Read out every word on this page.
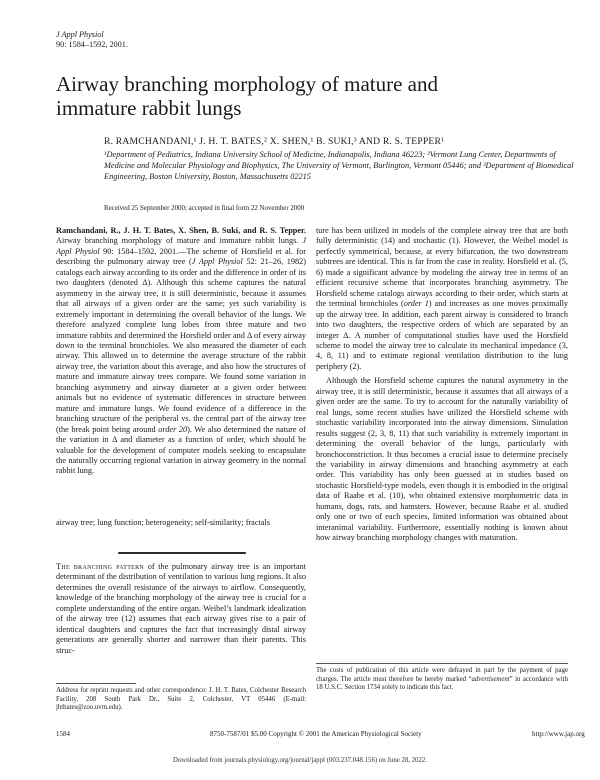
J Appl Physiol
90: 1584–1592, 2001.
Airway branching morphology of mature and immature rabbit lungs
R. RAMCHANDANI,¹ J. H. T. BATES,² X. SHEN,¹ B. SUKI,³ AND R. S. TEPPER¹
¹Department of Pediatrics, Indiana University School of Medicine, Indianapolis, Indiana 46223; ²Vermont Lung Center, Departments of Medicine and Molecular Physiology and Biophysics, The University of Vermont, Burlington, Vermont 05446; and ³Department of Biomedical Engineering, Boston University, Boston, Massachusetts 02215
Received 25 September 2000; accepted in final form 22 November 2000
Ramchandani, R., J. H. T. Bates, X. Shen, B. Suki, and R. S. Tepper. Airway branching morphology of mature and immature rabbit lungs. J Appl Physiol 90: 1584–1592, 2001.—The scheme of Horsfield et al. for describing the pulmonary airway tree (J Appl Physiol 52: 21–26, 1982) catalogs each airway according to its order and the difference in order of its two daughters (denoted Δ). Although this scheme captures the natural asymmetry in the airway tree, it is still deterministic, because it assumes that all airways of a given order are the same; yet such variability is extremely important in determining the overall behavior of the lungs. We therefore analyzed complete lung lobes from three mature and two immature rabbits and determined the Horsfield order and Δ of every airway down to the terminal bronchioles. We also measured the diameter of each airway. This allowed us to determine the average structure of the rabbit airway tree, the variation about this average, and also how the structures of mature and immature airway trees compare. We found some variation in branching asymmetry and airway diameter at a given order between animals but no evidence of systematic differences in structure between mature and immature lungs. We found evidence of a difference in the branching structure of the peripheral vs. the central part of the airway tree (the break point being around order 20). We also determined the nature of the variation in Δ and diameter as a function of order, which should be valuable for the development of computer models seeking to encapsulate the naturally occurring regional variation in airway geometry in the normal rabbit lung.
airway tree; lung function; heterogeneity; self-similarity; fractals
The branching pattern of the pulmonary airway tree is an important determinant of the distribution of ventilation to various lung regions. It also determines the overall resistance of the airways to airflow. Consequently, knowledge of the branching morphology of the airway tree is crucial for a complete understanding of the entire organ. Weibel’s landmark idealization of the airway tree (12) assumes that each airway gives rise to a pair of identical daughters and captures the fact that increasingly distal airway generations are generally shorter and narrower than their parents. This struc-

ture has been utilized in models of the complete airway tree that are both fully deterministic (14) and stochastic (1). However, the Weibel model is perfectly symmetrical, because, at every bifurcation, the two downstream subtrees are identical. This is far from the case in reality. Horsfield et al. (5, 6) made a significant advance by modeling the airway tree in terms of an efficient recursive scheme that incorporates branching asymmetry. The Horsfield scheme catalogs airways according to their order, which starts at the terminal bronchioles (order 1) and increases as one moves proximally up the airway tree. In addition, each parent airway is considered to branch into two daughters, the respective orders of which are separated by an integer Δ. A number of computational studies have used the Horsfield scheme to model the airway tree to calculate its mechanical impedance (3, 4, 8, 11) and to estimate regional ventilation distribution to the lung periphery (2).

Although the Horsfield scheme captures the natural asymmetry in the airway tree, it is still deterministic, because it assumes that all airways of a given order are the same. To try to account for the naturally variability of real lungs, some recent studies have utilized the Horsfield scheme with stochastic variability incorporated into the airway dimensions. Simulation results suggest (2, 3, 8, 11) that such variability is extremely important in determining the overall behavior of the lungs, particularly with bronchoconstriction. It thus becomes a crucial issue to determine precisely the variability in airway dimensions and branching asymmetry at each order. This variability has only been guessed at in studies based on stochastic Horsfield-type models, even though it is embodied in the original data of Raabe et al. (10), who obtained extensive morphometric data in humans, dogs, rats, and hamsters. However, because Raabe et al. studied only one or two of each species, limited information was obtained about interanimal variability. Furthermore, essentially nothing is known about how airway branching morphology changes with maturation.

Address for reprint requests and other correspondence: J. H. T. Bates, Colchester Research Facility, 208 South Park Dr., Suite 2, Colchester, VT 05446 (E-mail: jhtbates@zoo.uvm.edu).
The costs of publication of this article were defrayed in part by the payment of page charges. The article must therefore be hereby marked “advertisement” in accordance with 18 U.S.C. Section 1734 solely to indicate this fact.
1584	8750-7587/01 $5.00 Copyright © 2001 the American Physiological Society	http://www.jap.org
Downloaded from journals.physiology.org/journal/jappl (003.237.048.156) on June 28, 2022.
